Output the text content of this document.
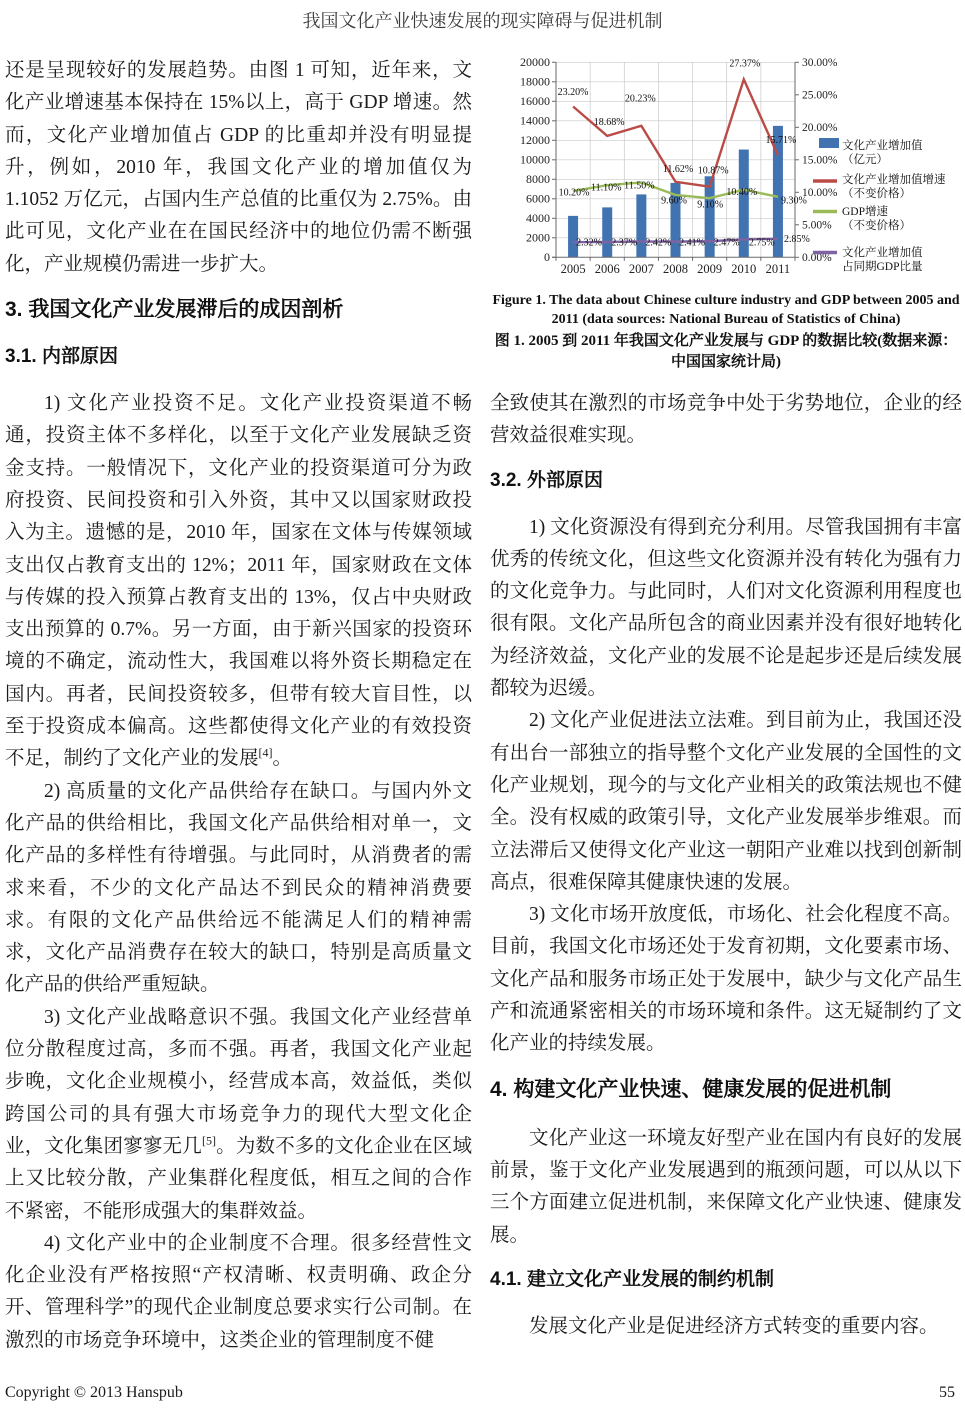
我国文化产业快速发展的现实障碍与促进机制

还是呈现较好的发展趋势。由图 1 可知，近年来，文化产业增速基本保持在 15%以上，高于 GDP 增速。然而，文化产业增加值占 GDP 的比重却并没有明显提升，例如，2010 年，我国文化产业的增加值仅为 1.1052 万亿元，占国内生产总值的比重仅为 2.75%。由此可见，文化产业在在国民经济中的地位仍需不断强化，产业规模仍需进一步扩大。

3. 我国文化产业发展滞后的成因剖析
3.1. 内部原因

1) 文化产业投资不足。文化产业投资渠道不畅通，投资主体不多样化，以至于文化产业发展缺乏资金支持。一般情况下，文化产业的投资渠道可分为政府投资、民间投资和引入外资，其中又以国家财政投入为主。遗憾的是，2010 年，国家在文体与传媒领域支出仅占教育支出的 12%；2011 年，国家财政在文体与传媒的投入预算占教育支出的 13%，仅占中央财政支出预算的 0.7%。另一方面，由于新兴国家的投资环境的不确定，流动性大，我国难以将外资长期稳定在国内。再者，民间投资较多，但带有较大盲目性，以至于投资成本偏高。这些都使得文化产业的有效投资不足，制约了文化产业的发展[4]。

2) 高质量的文化产品供给存在缺口。与国内外文化产品的供给相比，我国文化产品供给相对单一，文化产品的多样性有待增强。与此同时，从消费者的需求来看，不少的文化产品达不到民众的精神消费要求。有限的文化产品供给远不能满足人们的精神需求，文化产品消费存在较大的缺口，特别是高质量文化产品的供给严重短缺。

3) 文化产业战略意识不强。我国文化产业经营单位分散程度过高，多而不强。再者，我国文化产业起步晚，文化企业规模小，经营成本高，效益低，类似跨国公司的具有强大市场竞争力的现代大型文化企业，文化集团寥寥无几[5]。为数不多的文化企业在区域上又比较分散，产业集群化程度低，相互之间的合作不紧密，不能形成强大的集群效益。

4) 文化产业中的企业制度不合理。很多经营性文化企业没有严格按照“产权清晰、权责明确、政企分开、管理科学”的现代企业制度总要求实行公司制。在激烈的市场竞争环境中，这类企业的管理制度不健

0
2000
4000
6000
8000
10000
12000
14000
16000
18000
20000
0.00%
5.00%
10.00%
15.00%
20.00%
25.00%
30.00%
2005 2006 2007 2008 2009 2010 2011
23.20%
18.68%
20.23%
11.62% 10.87%
27.37%
15.71%
10.20% 11.10% 11.50%
9.60% 9.10%
10.40%
9.30%
2.32% 2.37% 2.42% 2.41% 2.47% 2.75% 2.85%
文化产业增加值
（亿元）
文化产业增加值增速
（不变价格）
GDP增速
（不变价格）
文化产业增加值
占同期GDP比量
Figure 1. The data about Chinese culture industry and GDP between 2005 and 2011 (data sources: National Bureau of Statistics of China)
图 1. 2005 到 2011 年我国文化产业发展与 GDP 的数据比较(数据来源：中国国家统计局)

全致使其在激烈的市场竞争中处于劣势地位，企业的经营效益很难实现。

3.2. 外部原因

1) 文化资源没有得到充分利用。尽管我国拥有丰富优秀的传统文化，但这些文化资源并没有转化为强有力的文化竞争力。与此同时，人们对文化资源利用程度也很有限。文化产品所包含的商业因素并没有很好地转化为经济效益，文化产业的发展不论是起步还是后续发展都较为迟缓。

2) 文化产业促进法立法难。到目前为止，我国还没有出台一部独立的指导整个文化产业发展的全国性的文化产业规划，现今的与文化产业相关的政策法规也不健全。没有权威的政策引导，文化产业发展举步维艰。而立法滞后又使得文化产业这一朝阳产业难以找到创新制高点，很难保障其健康快速的发展。

3) 文化市场开放度低，市场化、社会化程度不高。目前，我国文化市场还处于发育初期，文化要素市场、文化产品和服务市场正处于发展中，缺少与文化产品生产和流通紧密相关的市场环境和条件。这无疑制约了文化产业的持续发展。

4. 构建文化产业快速、健康发展的促进机制

文化产业这一环境友好型产业在国内有良好的发展前景，鉴于文化产业发展遇到的瓶颈问题，可以从以下三个方面建立促进机制，来保障文化产业快速、健康发展。

4.1. 建立文化产业发展的制约机制

发展文化产业是促进经济方式转变的重要内容。

Copyright © 2013 Hanspub	55
